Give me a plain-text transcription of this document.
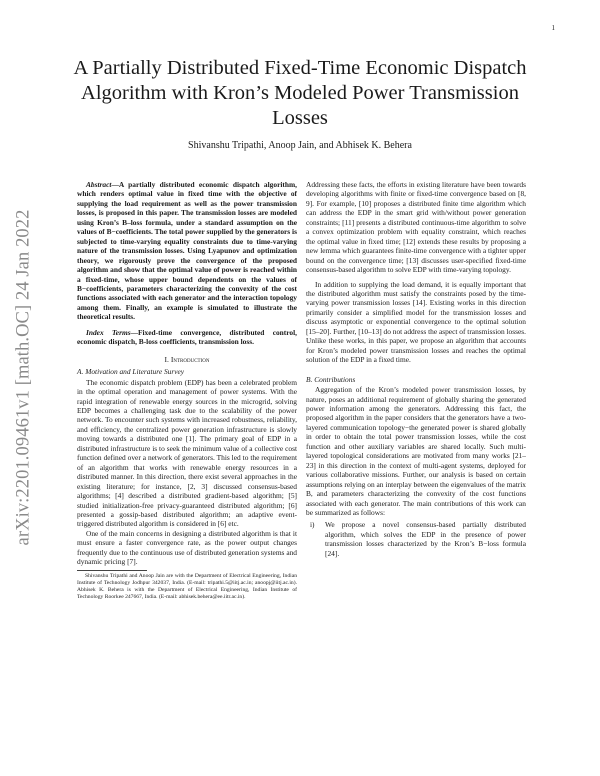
1
arXiv:2201.09461v1 [math.OC] 24 Jan 2022
A Partially Distributed Fixed-Time Economic Dispatch Algorithm with Kron’s Modeled Power Transmission Losses
Shivanshu Tripathi, Anoop Jain, and Abhisek K. Behera

Abstract—A partially distributed economic dispatch algorithm, which renders optimal value in fixed time with the objective of supplying the load requirement as well as the power transmission losses, is proposed in this paper. The transmission losses are modeled using Kron’s B–loss formula, under a standard assumption on the values of B−coefficients. The total power supplied by the generators is subjected to time-varying equality constraints due to time-varying nature of the transmission losses. Using Lyapunov and optimization theory, we rigorously prove the convergence of the proposed algorithm and show that the optimal value of power is reached within a fixed-time, whose upper bound dependents on the values of B−coefficients, parameters characterizing the convexity of the cost functions associated with each generator and the interaction topology among them. Finally, an example is simulated to illustrate the theoretical results.

Index Terms—Fixed-time convergence, distributed control, economic dispatch, B-loss coefficients, transmission loss.

I. Introduction
A. Motivation and Literature Survey

The economic dispatch problem (EDP) has been a celebrated problem in the optimal operation and management of power systems. With the rapid integration of renewable energy sources in the microgrid, solving EDP becomes a challenging task due to the scalability of the power network. To encounter such systems with increased robustness, reliability, and efficiency, the centralized power generation infrastructure is slowly moving towards a distributed one [1]. The primary goal of EDP in a distributed infrastructure is to seek the minimum value of a collective cost function defined over a network of generators. This led to the requirement of an algorithm that works with renewable energy resources in a distributed manner. In this direction, there exist several approaches in the existing literature; for instance, [2, 3] discussed consensus-based algorithms; [4] described a distributed gradient-based algorithm; [5] studied initialization-free privacy-guaranteed distributed algorithm; [6] presented a gossip-based distributed algorithm; an adaptive event-triggered distributed algorithm is considered in [6] etc.

One of the main concerns in designing a distributed algorithm is that it must ensure a faster convergence rate, as the power output changes frequently due to the continuous use of distributed generation systems and dynamic pricing [7].

Shivanshu Tripathi and Anoop Jain are with the Department of Electrical Engineering, Indian Institute of Technology Jodhpur 342037, India. (E-mail: tripathi.5@iitj.ac.in; anoopj@iitj.ac.in). Abhisek K. Behera is with the Department of Electrical Engineering, Indian Institute of Technology Roorkee 247667, India. (E-mail: abhisek.behera@ee.iitr.ac.in).

Addressing these facts, the efforts in existing literature have been towards developing algorithms with finite or fixed-time convergence based on [8, 9]. For example, [10] proposes a distributed finite time algorithm which can address the EDP in the smart grid with/without power generation constraints; [11] presents a distributed continuous-time algorithm to solve a convex optimization problem with equality constraint, which reaches the optimal value in fixed time; [12] extends these results by proposing a new lemma which guarantees finite-time convergence with a tighter upper bound on the convergence time; [13] discusses user-specified fixed-time consensus-based algorithm to solve EDP with time-varying topology.

In addition to supplying the load demand, it is equally important that the distributed algorithm must satisfy the constraints posed by the time-varying power transmission losses [14]. Existing works in this direction primarily consider a simplified model for the transmission losses and discuss asymptotic or exponential convergence to the optimal solution [15–20]. Further, [10–13] do not address the aspect of transmission losses. Unlike these works, in this paper, we propose an algorithm that accounts for Kron’s modeled power transmission losses and reaches the optimal solution of the EDP in a fixed time.

B. Contributions

Aggregation of the Kron’s modeled power transmission losses, by nature, poses an additional requirement of globally sharing the generated power information among the generators. Addressing this fact, the proposed algorithm in the paper considers that the generators have a two-layered communication topology−the generated power is shared globally in order to obtain the total power transmission losses, while the cost function and other auxiliary variables are shared locally. Such multi-layered topological considerations are motivated from many works [21–23] in this direction in the context of multi-agent systems, deployed for various collaborative missions. Further, our analysis is based on certain assumptions relying on an interplay between the eigenvalues of the matrix B, and parameters characterizing the convexity of the cost functions associated with each generator. The main contributions of this work can be summarized as follows:

i)	We propose a novel consensus-based partially distributed algorithm, which solves the EDP in the presence of power transmission losses characterized by the Kron’s B−loss formula [24].
